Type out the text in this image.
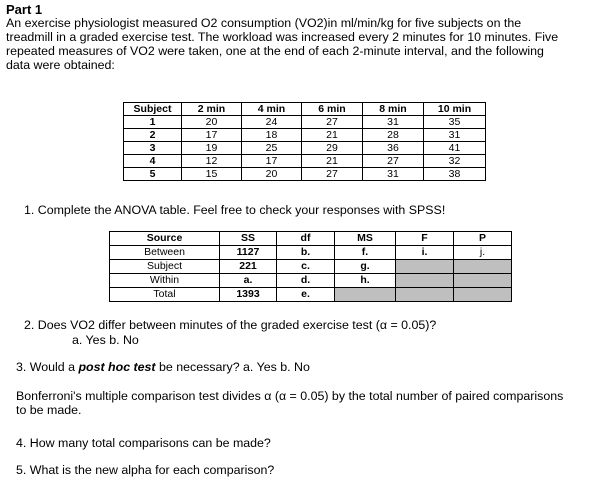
Part 1
An exercise physiologist measured O2 consumption (VO2)in ml/min/kg for five subjects on the
treadmill in a graded exercise test. The workload was increased every 2 minutes for 10 minutes. Five
repeated measures of VO2 were taken, one at the end of each 2-minute interval, and the following
data were obtained:
Subject	2 min	4 min	6 min	8 min	10 min
1	20	24	27	31	35
2	17	18	21	28	31
3	19	25	29	36	41
4	12	17	21	27	32
5	15	20	27	31	38
1. Complete the ANOVA table. Feel free to check your responses with SPSS!
Source	SS	df	MS	F	P
Between	1127	b.	f.	i.	j.
Subject	221	c.	g.		
Within	a.	d.	h.		
Total	1393	e.			
2. Does VO2 differ between minutes of the graded exercise test (α = 0.05)?
a. Yes b. No
3. Would a post hoc test be necessary? a. Yes b. No
Bonferroni's multiple comparison test divides α (α = 0.05) by the total number of paired comparisons
to be made.
4. How many total comparisons can be made?
5. What is the new alpha for each comparison?
